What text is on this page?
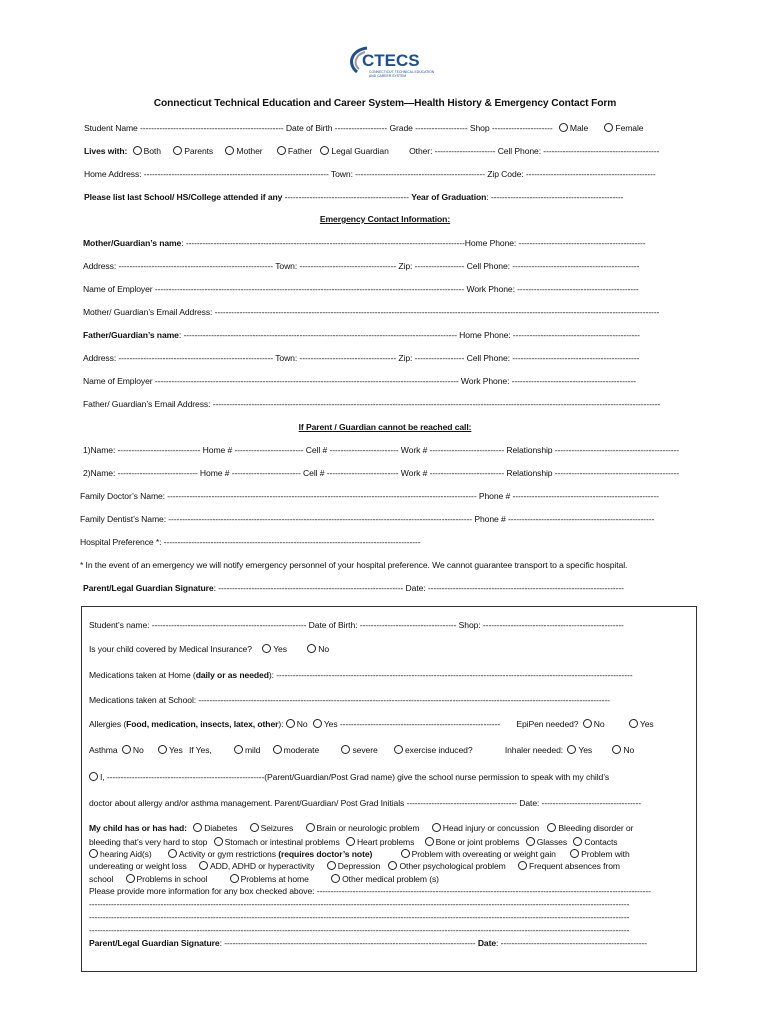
CTECS
CONNECTICUT TECHNICAL EDUCATION
AND CAREER SYSTEM
Connecticut Technical Education and Career System—Health History & Emergency Contact Form
Student Name ---------------------------------------------------- Date of Birth ------------------- Grade ------------------- Shop ---------------------- Male	Female
Lives with: Both	Parents	Mother	Father Legal Guardian Other: ---------------------- Cell Phone: ------------------------------------------
Home Address: ------------------------------------------------------------------- Town: ----------------------------------------------- Zip Code: -----------------------------------------------
Please list last School/ HS/College attended if any --------------------------------------------- Year of Graduation: ------------------------------------------------
Emergency Contact Information:
Mother/Guardian’s name: -----------------------------------------------------------------------------------------------------Home Phone: ----------------------------------------------
Address: -------------------------------------------------------- Town: ----------------------------------- Zip: ------------------ Cell Phone: ----------------------------------------------
Name of Employer ---------------------------------------------------------------------------------------------------------------- Work Phone: --------------------------------------------
Mother/ Guardian’s Email Address: -----------------------------------------------------------------------------------------------------------------------------------------------------------------
Father/Guardian’s name: --------------------------------------------------------------------------------------------------- Home Phone: ----------------------------------------------
Address: -------------------------------------------------------- Town: ----------------------------------- Zip: ------------------ Cell Phone: ----------------------------------------------
Name of Employer -------------------------------------------------------------------------------------------------------------- Work Phone: ---------------------------------------------
Father/ Guardian’s Email Address: ------------------------------------------------------------------------------------------------------------------------------------------------------------------
If Parent / Guardian cannot be reached call:
1)Name: ------------------------------ Home # ------------------------- Cell # ------------------------- Work # --------------------------- Relationship ---------------------------------------------
2)Name: ----------------------------- Home # ------------------------- Cell # -------------------------- Work # --------------------------- Relationship ---------------------------------------------
Family Doctor’s Name: ---------------------------------------------------------------------------------------------------------------- Phone # -----------------------------------------------------
Family Dentist’s Name: -------------------------------------------------------------------------------------------------------------- Phone # -----------------------------------------------------
Hospital Preference *: ---------------------------------------------------------------------------------------------
* In the event of an emergency we will notify emergency personnel of your hospital preference. We cannot guarantee transport to a specific hospital.
Parent/Legal Guardian Signature: ------------------------------------------------------------------- Date: -----------------------------------------------------------------------
Student’s name: -------------------------------------------------------- Date of Birth: ----------------------------------- Shop: ---------------------------------------------------
Is your child covered by Medical Insurance? Yes	No
Medications taken at Home (daily or as needed): ---------------------------------------------------------------------------------------------------------------------------------
Medications taken at School: -----------------------------------------------------------------------------------------------------------------------------------------------------
Allergies (Food, medication, insects, latex, other): No Yes ---------------------------------------------------------- EpiPen needed? No	Yes
Asthma No	Yes If Yes,	mild	moderate	severe	exercise induced?	Inhaler needed: Yes	No
I, ---------------------------------------------------------(Parent/Guardian/Post Grad name) give the school nurse permission to speak with my child’s
doctor about allergy and/or asthma management. Parent/Guardian/ Post Grad Initials ---------------------------------------- Date: ------------------------------------
My child has or has had: Diabetes	Seizures	Brain or neurologic problem	Head injury or concussion Bleeding disorder or
bleeding that’s very hard to stop Stomach or intestinal problems Heart problems Bone or joint problems Glasses Contacts
hearing Aid(s)	Activity or gym restrictions (requires doctor’s note)	Problem with overeating or weight gain	Problem with
undereating or weight loss	ADD, ADHD or hyperactivity	Depression Other psychological problem	Frequent absences from
school	Problems in school	Problems at home	Other medical problem (s)
Please provide more information for any box checked above: -------------------------------------------------------------------------------------------------------------------------
----------------------------------------------------------------------------------------------------------------------------------------------------------------------------------------------------
----------------------------------------------------------------------------------------------------------------------------------------------------------------------------------------------------
----------------------------------------------------------------------------------------------------------------------------------------------------------------------------------------------------
Parent/Legal Guardian Signature: ------------------------------------------------------------------------------------------- Date: -----------------------------------------------------
